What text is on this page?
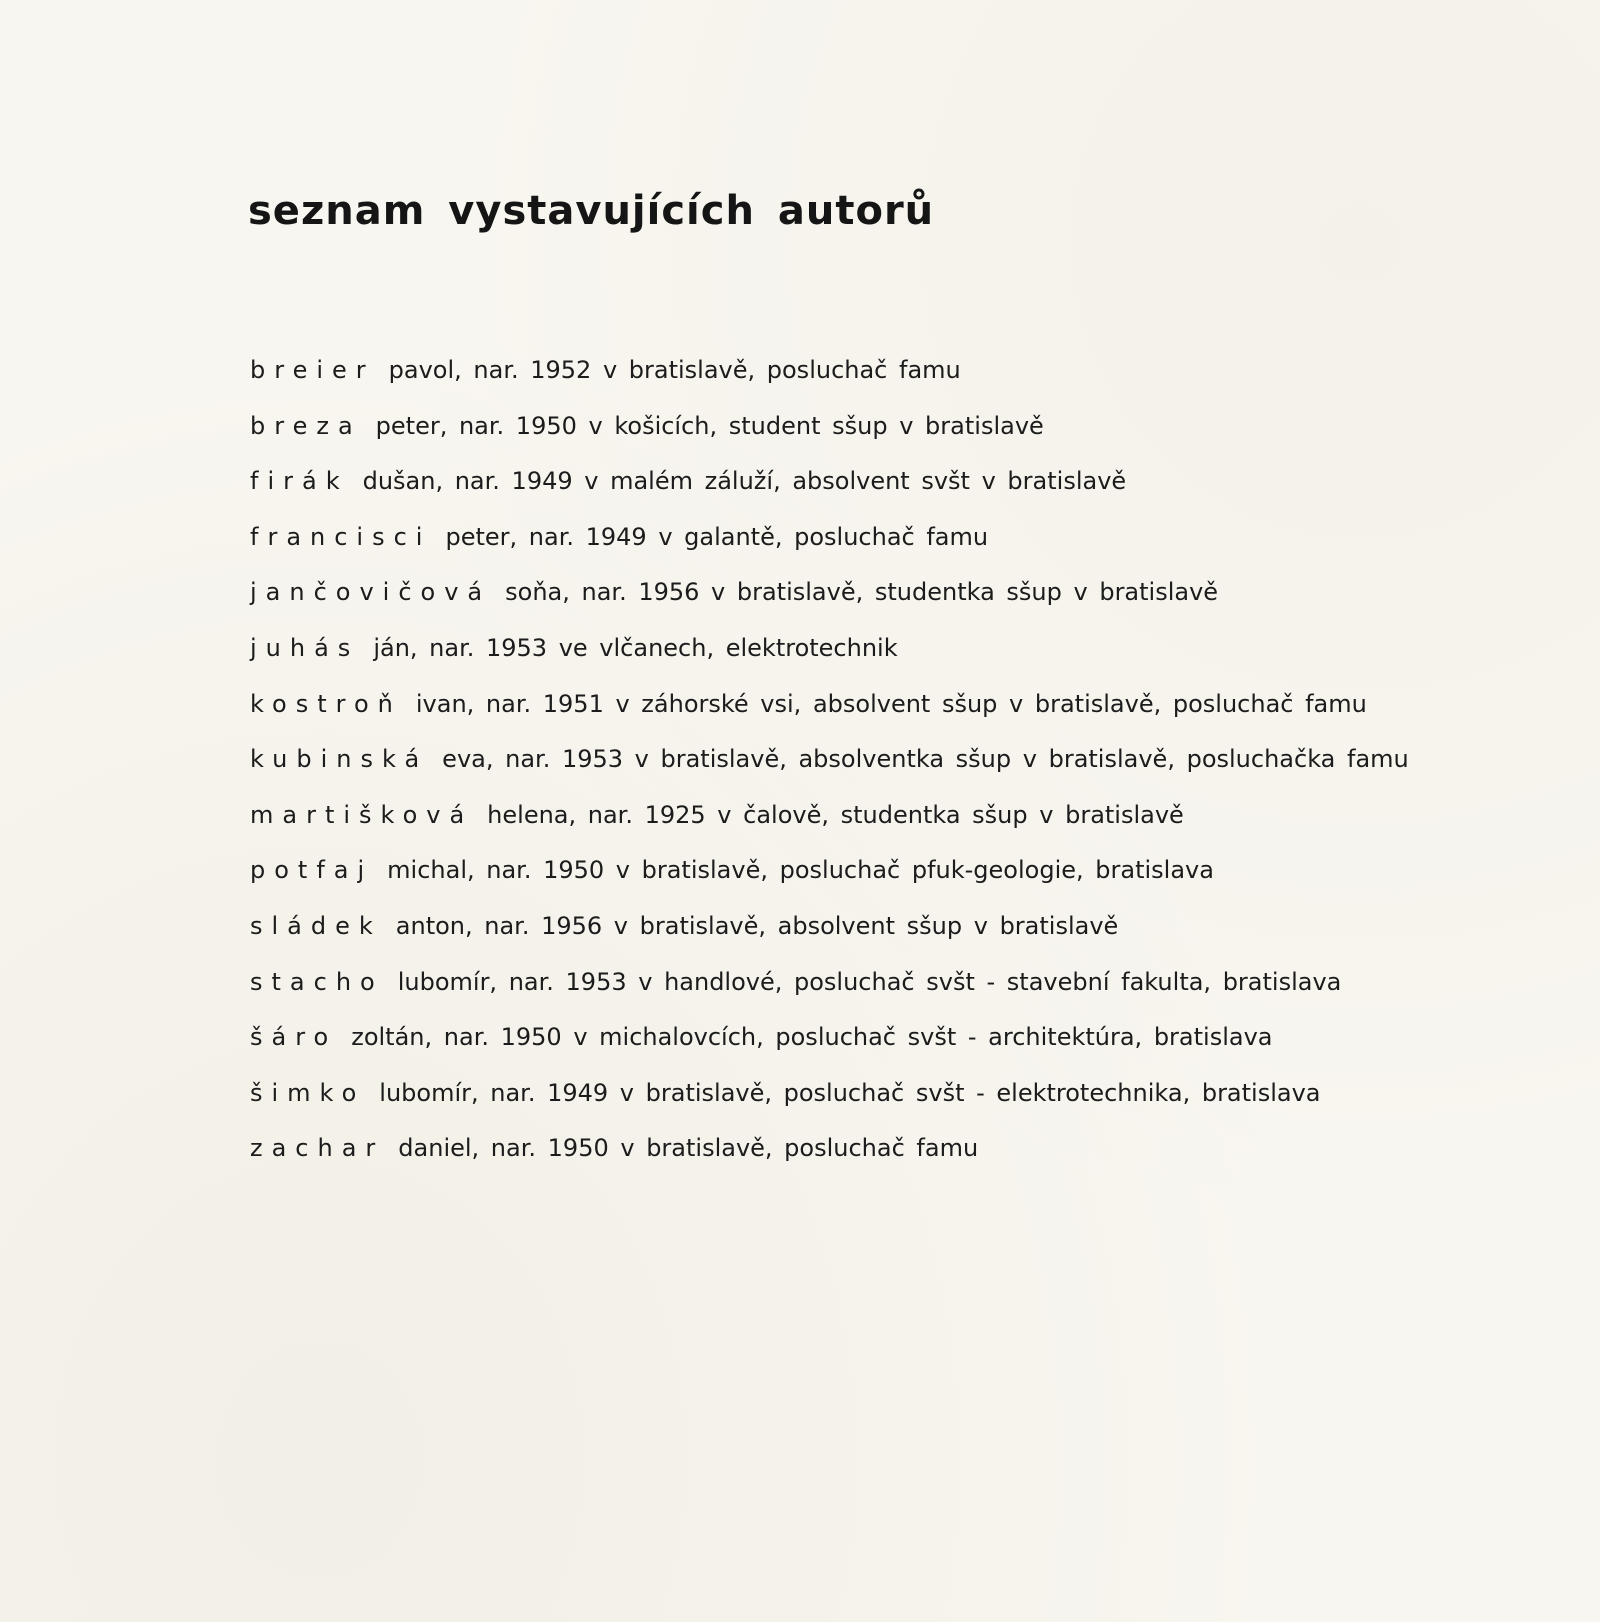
seznam vystavujících autorů
breier pavol, nar. 1952 v bratislavě, posluchač famu
breza peter, nar. 1950 v košicích, student sšup v bratislavě
firák dušan, nar. 1949 v malém záluží, absolvent svšt v bratislavě
francisci peter, nar. 1949 v galantě, posluchač famu
jančovičová soňa, nar. 1956 v bratislavě, studentka sšup v bratislavě
juhás ján, nar. 1953 ve vlčanech, elektrotechnik
kostroň ivan, nar. 1951 v záhorské vsi, absolvent sšup v bratislavě, posluchač famu
kubinská eva, nar. 1953 v bratislavě, absolventka sšup v bratislavě, posluchačka famu
martišková helena, nar. 1925 v čalově, studentka sšup v bratislavě
potfaj michal, nar. 1950 v bratislavě, posluchač pfuk-geologie, bratislava
sládek anton, nar. 1956 v bratislavě, absolvent sšup v bratislavě
stacho lubomír, nar. 1953 v handlové, posluchač svšt - stavební fakulta, bratislava
šáro zoltán, nar. 1950 v michalovcích, posluchač svšt - architektúra, bratislava
šimko lubomír, nar. 1949 v bratislavě, posluchač svšt - elektrotechnika, bratislava
zachar daniel, nar. 1950 v bratislavě, posluchač famu
